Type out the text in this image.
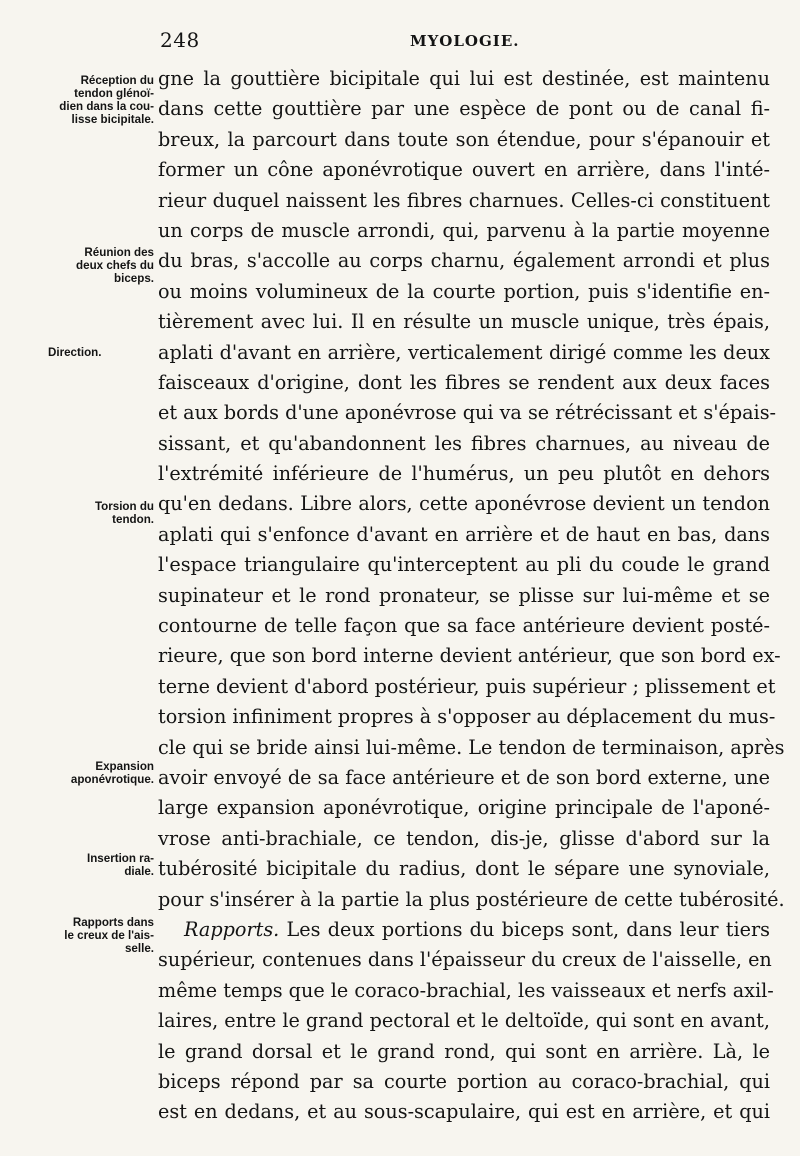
248	MYOLOGIE.
Réception du
tendon glénoï-
dien dans la cou-
lisse bicipitale.
Réunion des
deux chefs du
biceps.
Direction.
Torsion du
tendon.
Expansion
aponévrotique.
Insertion ra-
diale.
Rapports dans
le creux de l'ais-
selle.
gne la gouttière bicipitale qui lui est destinée, est maintenu
dans cette gouttière par une espèce de pont ou de canal fi-
breux, la parcourt dans toute son étendue, pour s'épanouir et
former un cône aponévrotique ouvert en arrière, dans l'inté-
rieur duquel naissent les fibres charnues. Celles-ci constituent
un corps de muscle arrondi, qui, parvenu à la partie moyenne
du bras, s'accolle au corps charnu, également arrondi et plus
ou moins volumineux de la courte portion, puis s'identifie en-
tièrement avec lui. Il en résulte un muscle unique, très épais,
aplati d'avant en arrière, verticalement dirigé comme les deux
faisceaux d'origine, dont les fibres se rendent aux deux faces
et aux bords d'une aponévrose qui va se rétrécissant et s'épais-
sissant, et qu'abandonnent les fibres charnues, au niveau de
l'extrémité inférieure de l'humérus, un peu plutôt en dehors
qu'en dedans. Libre alors, cette aponévrose devient un tendon
aplati qui s'enfonce d'avant en arrière et de haut en bas, dans
l'espace triangulaire qu'interceptent au pli du coude le grand
supinateur et le rond pronateur, se plisse sur lui-même et se
contourne de telle façon que sa face antérieure devient posté-
rieure, que son bord interne devient antérieur, que son bord ex-
terne devient d'abord postérieur, puis supérieur ; plissement et
torsion infiniment propres à s'opposer au déplacement du mus-
cle qui se bride ainsi lui-même. Le tendon de terminaison, après
avoir envoyé de sa face antérieure et de son bord externe, une
large expansion aponévrotique, origine principale de l'aponé-
vrose anti-brachiale, ce tendon, dis-je, glisse d'abord sur la
tubérosité bicipitale du radius, dont le sépare une synoviale,
pour s'insérer à la partie la plus postérieure de cette tubérosité.
Rapports. Les deux portions du biceps sont, dans leur tiers
supérieur, contenues dans l'épaisseur du creux de l'aisselle, en
même temps que le coraco-brachial, les vaisseaux et nerfs axil-
laires, entre le grand pectoral et le deltoïde, qui sont en avant,
le grand dorsal et le grand rond, qui sont en arrière. Là, le
biceps répond par sa courte portion au coraco-brachial, qui
est en dedans, et au sous-scapulaire, qui est en arrière, et qui
